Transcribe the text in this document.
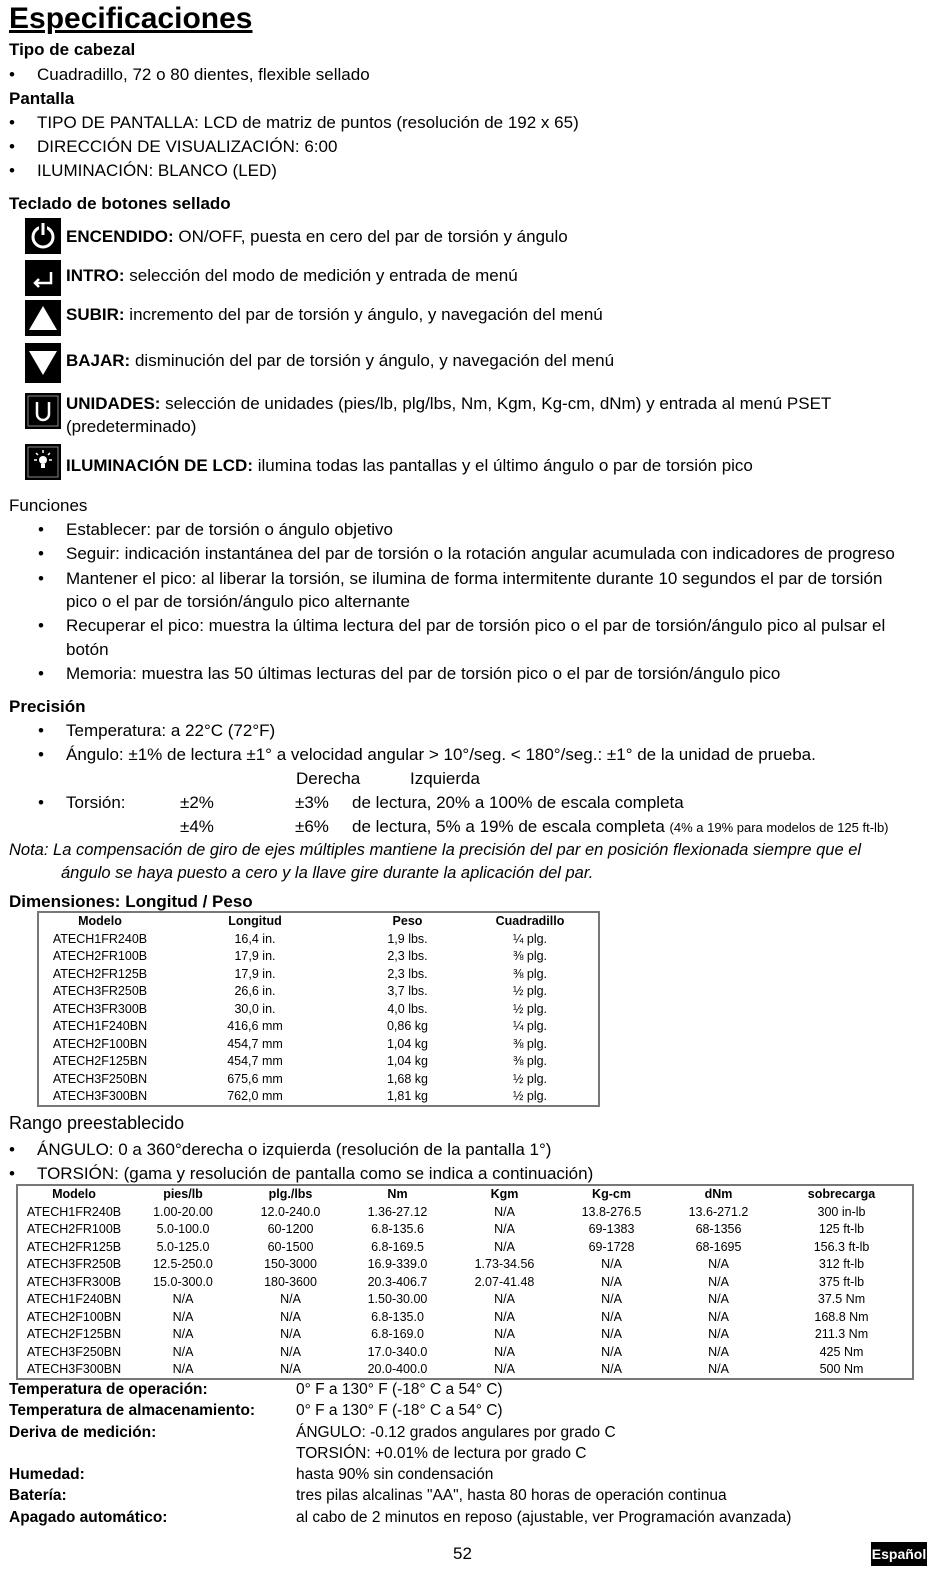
Especificaciones
Tipo de cabezal
• Cuadradillo, 72 o 80 dientes, flexible sellado
Pantalla
• TIPO DE PANTALLA: LCD de matriz de puntos (resolución de 192 x 65)
• DIRECCIÓN DE VISUALIZACIÓN: 6:00
• ILUMINACIÓN: BLANCO (LED)
Teclado de botones sellado
ENCENDIDO: ON/OFF, puesta en cero del par de torsión y ángulo
INTRO: selección del modo de medición y entrada de menú
SUBIR: incremento del par de torsión y ángulo, y navegación del menú
BAJAR: disminución del par de torsión y ángulo, y navegación del menú
UNIDADES: selección de unidades (pies/lb, plg/lbs, Nm, Kgm, Kg-cm, dNm) y entrada al menú PSET
(predeterminado)
ILUMINACIÓN DE LCD: ilumina todas las pantallas y el último ángulo o par de torsión pico
Funciones
• Establecer: par de torsión o ángulo objetivo
• Seguir: indicación instantánea del par de torsión o la rotación angular acumulada con indicadores de progreso
• Mantener el pico: al liberar la torsión, se ilumina de forma intermitente durante 10 segundos el par de torsión
pico o el par de torsión/ángulo pico alternante
• Recuperar el pico: muestra la última lectura del par de torsión pico o el par de torsión/ángulo pico al pulsar el
botón
• Memoria: muestra las 50 últimas lecturas del par de torsión pico o el par de torsión/ángulo pico
Precisión
• Temperatura: a 22°C (72°F)
• Ángulo: ±1% de lectura ±1° a velocidad angular > 10°/seg. < 180°/seg.: ±1° de la unidad de prueba.
Derecha	Izquierda
• Torsión:	±2%	±3% de lectura, 20% a 100% de escala completa
±4%	±6% de lectura, 5% a 19% de escala completa (4% a 19% para modelos de 125 ft-lb)
Nota: La compensación de giro de ejes múltiples mantiene la precisión del par en posición flexionada siempre que el
ángulo se haya puesto a cero y la llave gire durante la aplicación del par.
Dimensiones: Longitud / Peso
Modelo	Longitud	Peso	Cuadradillo
ATECH1FR240B	16,4 in.	1,9 lbs.	¼ plg.
ATECH2FR100B	17,9 in.	2,3 lbs.	⅜ plg.
ATECH2FR125B	17,9 in.	2,3 lbs.	⅜ plg.
ATECH3FR250B	26,6 in.	3,7 lbs.	½ plg.
ATECH3FR300B	30,0 in.	4,0 lbs.	½ plg.
ATECH1F240BN	416,6 mm	0,86 kg	¼ plg.
ATECH2F100BN	454,7 mm	1,04 kg	⅜ plg.
ATECH2F125BN	454,7 mm	1,04 kg	⅜ plg.
ATECH3F250BN	675,6 mm	1,68 kg	½ plg.
ATECH3F300BN	762,0 mm	1,81 kg	½ plg.
Rango preestablecido
• ÁNGULO: 0 a 360°derecha o izquierda (resolución de la pantalla 1°)
• TORSIÓN: (gama y resolución de pantalla como se indica a continuación)
Modelo	pies/lb	plg./lbs	Nm	Kgm	Kg-cm	dNm	sobrecarga
ATECH1FR240B	1.00-20.00	12.0-240.0	1.36-27.12	N/A	13.8-276.5	13.6-271.2	300 in-lb
ATECH2FR100B	5.0-100.0	60-1200	6.8-135.6	N/A	69-1383	68-1356	125 ft-lb
ATECH2FR125B	5.0-125.0	60-1500	6.8-169.5	N/A	69-1728	68-1695	156.3 ft-lb
ATECH3FR250B	12.5-250.0	150-3000	16.9-339.0	1.73-34.56	N/A	N/A	312 ft-lb
ATECH3FR300B	15.0-300.0	180-3600	20.3-406.7	2.07-41.48	N/A	N/A	375 ft-lb
ATECH1F240BN	N/A	N/A	1.50-30.00	N/A	N/A	N/A	37.5 Nm
ATECH2F100BN	N/A	N/A	6.8-135.0	N/A	N/A	N/A	168.8 Nm
ATECH2F125BN	N/A	N/A	6.8-169.0	N/A	N/A	N/A	211.3 Nm
ATECH3F250BN	N/A	N/A	17.0-340.0	N/A	N/A	N/A	425 Nm
ATECH3F300BN	N/A	N/A	20.0-400.0	N/A	N/A	N/A	500 Nm
Temperatura de operación:	0° F a 130° F (-18° C a 54° C)
Temperatura de almacenamiento:	0° F a 130° F (-18° C a 54° C)
Deriva de medición:	ÁNGULO: -0.12 grados angulares por grado C
TORSIÓN: +0.01% de lectura por grado C
Humedad:	hasta 90% sin condensación
Batería:	tres pilas alcalinas "AA", hasta 80 horas de operación continua
Apagado automático:	al cabo de 2 minutos en reposo (ajustable, ver Programación avanzada)
52	Español
